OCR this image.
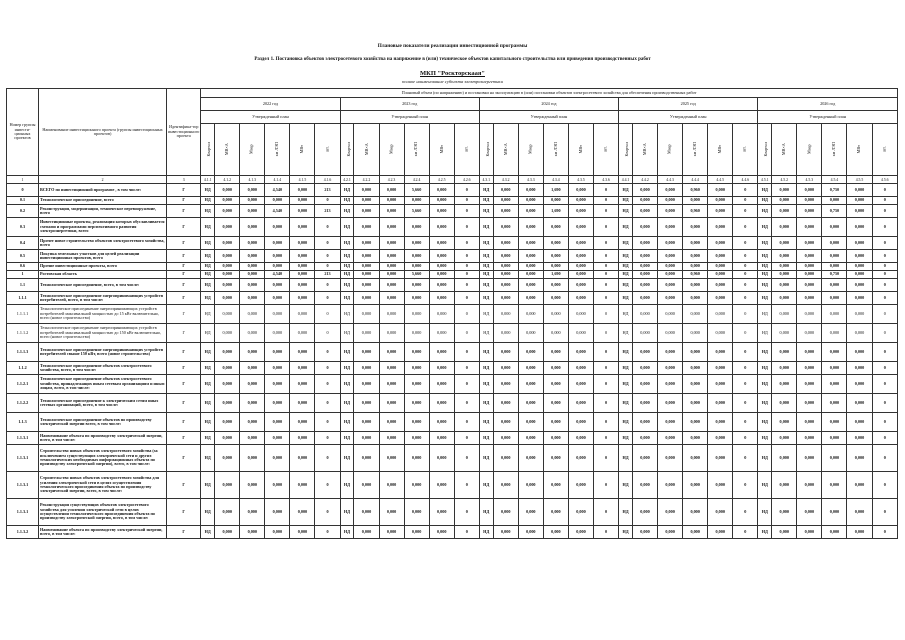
Плановые показатели реализации инвестиционной программы
Раздел 1. Постановка объектов электросетевого хозяйства на напряжение в (или) техническое объектов капитального строительства или приведения производственных работ
МКП "Роскторскаая"
полное наименование субъекта электроэнергетики
Номер группы инвести-ционных проектов	Наименование инвестиционного проекта (группы инвестиционных проектов)	Идентифика-тор инвестиционного проекта	Плановый объем (по напряжению) и постановки на эксплуатацию в (или) постановки объектов электросетевого хозяйства для обеспечения производственных работ																													
			2022 год						2023 год						2024 год						2025 год						2026 год					
			Утвержденный план						Утвержденный план						Утвержденный план						Утвержденный план						Утвержденный план					
			Квартал	МВ×А	Мвар	км ЛЭП	МВт	шт.	Квартал	МВ×А	Мвар	км ЛЭП	МВт	шт.	Квартал	МВ×А	Мвар	км ЛЭП	МВт	шт.	Квартал	МВ×А	Мвар	км ЛЭП	МВт	шт.	Квартал	МВ×А	Мвар	км ЛЭП	МВт	шт.
1	2	3	4.1.1	4.1.2	4.1.3	4.1.4	4.1.5	4.1.6	4.2.1	4.2.2	4.2.3	4.2.4	4.2.5	4.2.6	4.3.1	4.3.2	4.3.3	4.3.4	4.3.5	4.3.6	4.4.1	4.4.2	4.4.3	4.4.4	4.4.5	4.4.6	4.5.1	4.5.2	4.5.3	4.5.4	4.5.5	4.5.6
0	ВСЕГО по инвестиционной программе , в том числе:	Г	НД	0,000	0,000	4,540	0,000	213	НД	0,000	0,000	5,660	0,000	0	НД	0,000	0,000	1,690	0,000	0	НД	0,000	0,000	0,960	0,000	0	НД	0,000	0,000	0,750	0,000	0
0.1	Технологическое присоединение, всего	Г	НД	0,000	0,000	0,000	0,000	0	НД	0,000	0,000	0,000	0,000	0	НД	0,000	0,000	0,000	0,000	0	НД	0,000	0,000	0,000	0,000	0	НД	0,000	0,000	0,000	0,000	0
0.2	Реконструкция, модернизация, техническое перевооружение, всего	Г	НД	0,000	0,000	4,540	0,000	213	НД	0,000	0,000	5,660	0,000	0	НД	0,000	0,000	1,690	0,000	0	НД	0,000	0,000	0,960	0,000	0	НД	0,000	0,000	0,750	0,000	0
0.3	Инвестиционные проекты, реализация которых обуславливается схемами и программами перспективного развития электроэнергетики, всего	Г	НД	0,000	0,000	0,000	0,000	0	НД	0,000	0,000	0,000	0,000	0	НД	0,000	0,000	0,000	0,000	0	НД	0,000	0,000	0,000	0,000	0	НД	0,000	0,000	0,000	0,000	0
0.4	Прочее новое строительство объектов электросетевого хозяйства, всего	Г	НД	0,000	0,000	0,000	0,000	0	НД	0,000	0,000	0,000	0,000	0	НД	0,000	0,000	0,000	0,000	0	НД	0,000	0,000	0,000	0,000	0	НД	0,000	0,000	0,000	0,000	0
0.5	Покупка земельных участков для целей реализации инвестиционных проектов, всего	Г	НД	0,000	0,000	0,000	0,000	0	НД	0,000	0,000	0,000	0,000	0	НД	0,000	0,000	0,000	0,000	0	НД	0,000	0,000	0,000	0,000	0	НД	0,000	0,000	0,000	0,000	0
0.6	Прочие инвестиционные проекты, всего	Г	НД	0,000	0,000	0,000	0,000	0	НД	0,000	0,000	0,000	0,000	0	НД	0,000	0,000	0,000	0,000	0	НД	0,000	0,000	0,000	0,000	0	НД	0,000	0,000	0,000	0,000	0
1	Ростовская область	Г	НД	0,000	0,000	4,540	0,000	213	НД	0,000	0,000	5,660	0,000	0	НД	0,000	0,000	1,690	0,000	0	НД	0,000	0,000	0,960	0,000	0	НД	0,000	0,000	0,750	0,000	0
1.1	Технологическое присоединение, всего, в том числе:	Г	НД	0,000	0,000	0,000	0,000	0	НД	0,000	0,000	0,000	0,000	0	НД	0,000	0,000	0,000	0,000	0	НД	0,000	0,000	0,000	0,000	0	НД	0,000	0,000	0,000	0,000	0
1.1.1	Технологическое присоединение энергопринимающих устройств потребителей, всего, в том числе:	Г	НД	0,000	0,000	0,000	0,000	0	НД	0,000	0,000	0,000	0,000	0	НД	0,000	0,000	0,000	0,000	0	НД	0,000	0,000	0,000	0,000	0	НД	0,000	0,000	0,000	0,000	0
1.1.1.1	Технологическое присоединение энергопринимающих устройств потребителей максимальной мощностью до 15 кВт включительно, всего (новое строительство)	Г	НД	0,000	0,000	0,000	0,000	0	НД	0,000	0,000	0,000	0,000	0	НД	0,000	0,000	0,000	0,000	0	НД	0,000	0,000	0,000	0,000	0	НД	0,000	0,000	0,000	0,000	0
1.1.1.2	Технологическое присоединение энергопринимающих устройств потребителей максимальной мощностью до 150 кВт включительно, всего (новое строительство)	Г	НД	0,000	0,000	0,000	0,000	0	НД	0,000	0,000	0,000	0,000	0	НД	0,000	0,000	0,000	0,000	0	НД	0,000	0,000	0,000	0,000	0	НД	0,000	0,000	0,000	0,000	0
1.1.1.3	Технологическое присоединение энергопринимающих устройств потребителей свыше 150 кВт, всего (новое строительство)	Г	НД	0,000	0,000	0,000	0,000	0	НД	0,000	0,000	0,000	0,000	0	НД	0,000	0,000	0,000	0,000	0	НД	0,000	0,000	0,000	0,000	0	НД	0,000	0,000	0,000	0,000	0
1.1.2	Технологическое присоединение объектов электросетевого хозяйства, всего, в том числе:	Г	НД	0,000	0,000	0,000	0,000	0	НД	0,000	0,000	0,000	0,000	0	НД	0,000	0,000	0,000	0,000	0	НД	0,000	0,000	0,000	0,000	0	НД	0,000	0,000	0,000	0,000	0
1.1.2.1	Технологическое присоединение объектов электросетевого хозяйства, принадлежащих иным сетевым организациям и иным лицам, всего, в том числе:	Г	НД	0,000	0,000	0,000	0,000	0	НД	0,000	0,000	0,000	0,000	0	НД	0,000	0,000	0,000	0,000	0	НД	0,000	0,000	0,000	0,000	0	НД	0,000	0,000	0,000	0,000	0
1.1.2.2	Технологическое присоединение к электрическим сетям иных сетевых организаций, всего, в том числе:	Г	НД	0,000	0,000	0,000	0,000	0	НД	0,000	0,000	0,000	0,000	0	НД	0,000	0,000	0,000	0,000	0	НД	0,000	0,000	0,000	0,000	0	НД	0,000	0,000	0,000	0,000	0
1.1.3	Технологическое присоединение объектов по производству электрической энергии всего, в том числе:	Г	НД	0,000	0,000	0,000	0,000	0	НД	0,000	0,000	0,000	0,000	0	НД	0,000	0,000	0,000	0,000	0	НД	0,000	0,000	0,000	0,000	0	НД	0,000	0,000	0,000	0,000	0
1.1.3.1	Наименование объекта по производству электрической энергии, всего, в том числе:	Г	НД	0,000	0,000	0,000	0,000	0	НД	0,000	0,000	0,000	0,000	0	НД	0,000	0,000	0,000	0,000	0	НД	0,000	0,000	0,000	0,000	0	НД	0,000	0,000	0,000	0,000	0
1.1.3.1	Строительство новых объектов электросетевого хозяйства (за исключением существующих электрической сети и других технологических необходимых информационных объекта по производству электрической энергии), всего, в том числе:	Г	НД	0,000	0,000	0,000	0,000	0	НД	0,000	0,000	0,000	0,000	0	НД	0,000	0,000	0,000	0,000	0	НД	0,000	0,000	0,000	0,000	0	НД	0,000	0,000	0,000	0,000	0
1.1.3.1	Строительство новых объектов электросетевого хозяйства для усиления электрической сети в целях осуществления технологического присоединения объекта по производству электрической энергии, всего, в том числе:	Г	НД	0,000	0,000	0,000	0,000	0	НД	0,000	0,000	0,000	0,000	0	НД	0,000	0,000	0,000	0,000	0	НД	0,000	0,000	0,000	0,000	0	НД	0,000	0,000	0,000	0,000	0
1.1.3.1	Реконструкция существующих объектов электросетевого хозяйства для усиления электрической сети в целях осуществления технологического присоединения объекта по производству электрической энергии, всего, в том числе:	Г	НД	0,000	0,000	0,000	0,000	0	НД	0,000	0,000	0,000	0,000	0	НД	0,000	0,000	0,000	0,000	0	НД	0,000	0,000	0,000	0,000	0	НД	0,000	0,000	0,000	0,000	0
1.1.3.2	Наименование объекта по производству электрической энергии, всего, в том числе:	Г	НД	0,000	0,000	0,000	0,000	0	НД	0,000	0,000	0,000	0,000	0	НД	0,000	0,000	0,000	0,000	0	НД	0,000	0,000	0,000	0,000	0	НД	0,000	0,000	0,000	0,000	0
